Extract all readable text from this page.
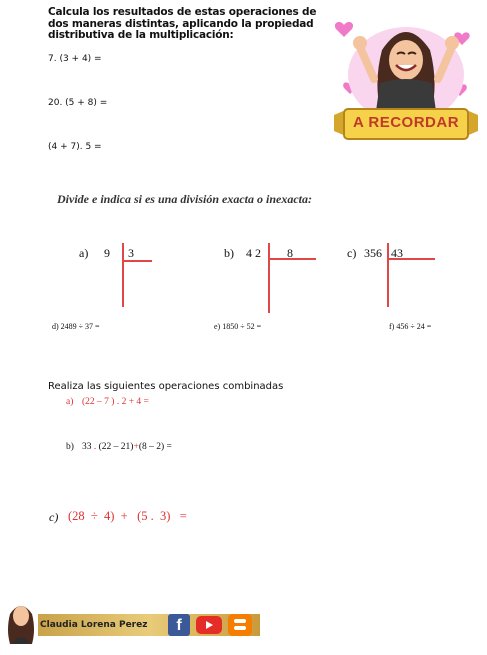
Calcula los resultados de estas operaciones de dos maneras distintas, aplicando la propiedad distributiva de la multiplicación:
7. (3 + 4) =
20. (5 + 8) =
(4 + 7). 5 =
A RECORDAR
Divide e indica si es una división exacta o inexacta:
a) 9 3	b) 4 2 8	c) 356 43
d) 2489 ÷ 37 =	e) 1850 ÷ 52 =	f) 456 ÷ 24 =
Realiza las siguientes operaciones combinadas
a) (22 – 7 ) . 2 + 4 =
b) 33 . (22 – 21)+(8 – 2) =
c) (28  ÷  4)  +   (5 .  3)   =
Claudia Lorena Perez	f
